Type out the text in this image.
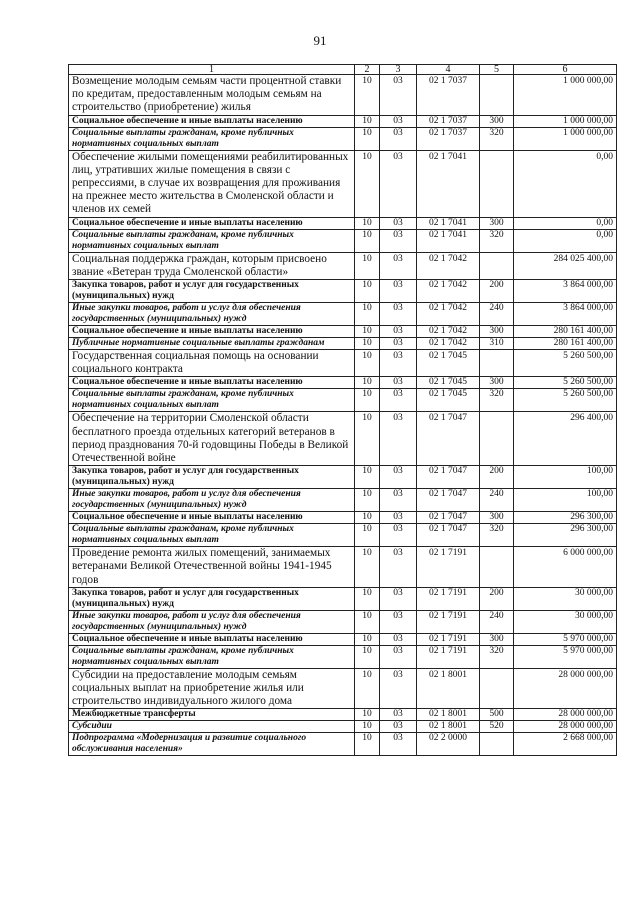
91
1	2	3	4	5	6
Возмещение молодым семьям части процентной ставки по кредитам, предоставленным молодым семьям на строительство (приобретение) жилья	10	03	02 1 7037		1 000 000,00
Социальное обеспечение и иные выплаты населению	10	03	02 1 7037	300	1 000 000,00
Социальные выплаты гражданам, кроме публичных нормативных социальных выплат	10	03	02 1 7037	320	1 000 000,00
Обеспечение жилыми помещениями реабилитированных лиц, утративших жилые помещения в связи с репрессиями, в случае их возвращения для проживания на прежнее место жительства в Смоленской области и членов их семей	10	03	02 1 7041		0,00
Социальное обеспечение и иные выплаты населению	10	03	02 1 7041	300	0,00
Социальные выплаты гражданам, кроме публичных нормативных социальных выплат	10	03	02 1 7041	320	0,00
Социальная поддержка граждан, которым присвоено звание «Ветеран труда Смоленской области»	10	03	02 1 7042		284 025 400,00
Закупка товаров, работ и услуг для государственных (муниципальных) нужд	10	03	02 1 7042	200	3 864 000,00
Иные закупки товаров, работ и услуг для обеспечения государственных (муниципальных) нужд	10	03	02 1 7042	240	3 864 000,00
Социальное обеспечение и иные выплаты населению	10	03	02 1 7042	300	280 161 400,00
Публичные нормативные социальные выплаты гражданам	10	03	02 1 7042	310	280 161 400,00
Государственная социальная помощь на основании социального контракта	10	03	02 1 7045		5 260 500,00
Социальное обеспечение и иные выплаты населению	10	03	02 1 7045	300	5 260 500,00
Социальные выплаты гражданам, кроме публичных нормативных социальных выплат	10	03	02 1 7045	320	5 260 500,00
Обеспечение на территории Смоленской области бесплатного проезда отдельных категорий ветеранов в период празднования 70-й годовщины Победы в Великой Отечественной войне	10	03	02 1 7047		296 400,00
Закупка товаров, работ и услуг для государственных (муниципальных) нужд	10	03	02 1 7047	200	100,00
Иные закупки товаров, работ и услуг для обеспечения государственных (муниципальных) нужд	10	03	02 1 7047	240	100,00
Социальное обеспечение и иные выплаты населению	10	03	02 1 7047	300	296 300,00
Социальные выплаты гражданам, кроме публичных нормативных социальных выплат	10	03	02 1 7047	320	296 300,00
Проведение ремонта жилых помещений, занимаемых ветеранами Великой Отечественной войны 1941-1945 годов	10	03	02 1 7191		6 000 000,00
Закупка товаров, работ и услуг для государственных (муниципальных) нужд	10	03	02 1 7191	200	30 000,00
Иные закупки товаров, работ и услуг для обеспечения государственных (муниципальных) нужд	10	03	02 1 7191	240	30 000,00
Социальное обеспечение и иные выплаты населению	10	03	02 1 7191	300	5 970 000,00
Социальные выплаты гражданам, кроме публичных нормативных социальных выплат	10	03	02 1 7191	320	5 970 000,00
Субсидии на предоставление молодым семьям социальных выплат на приобретение жилья или строительство индивидуального жилого дома	10	03	02 1 8001		28 000 000,00
Межбюджетные трансферты	10	03	02 1 8001	500	28 000 000,00
Субсидии	10	03	02 1 8001	520	28 000 000,00
Подпрограмма «Модернизация и развитие социального обслуживания населения»	10	03	02 2 0000		2 668 000,00
